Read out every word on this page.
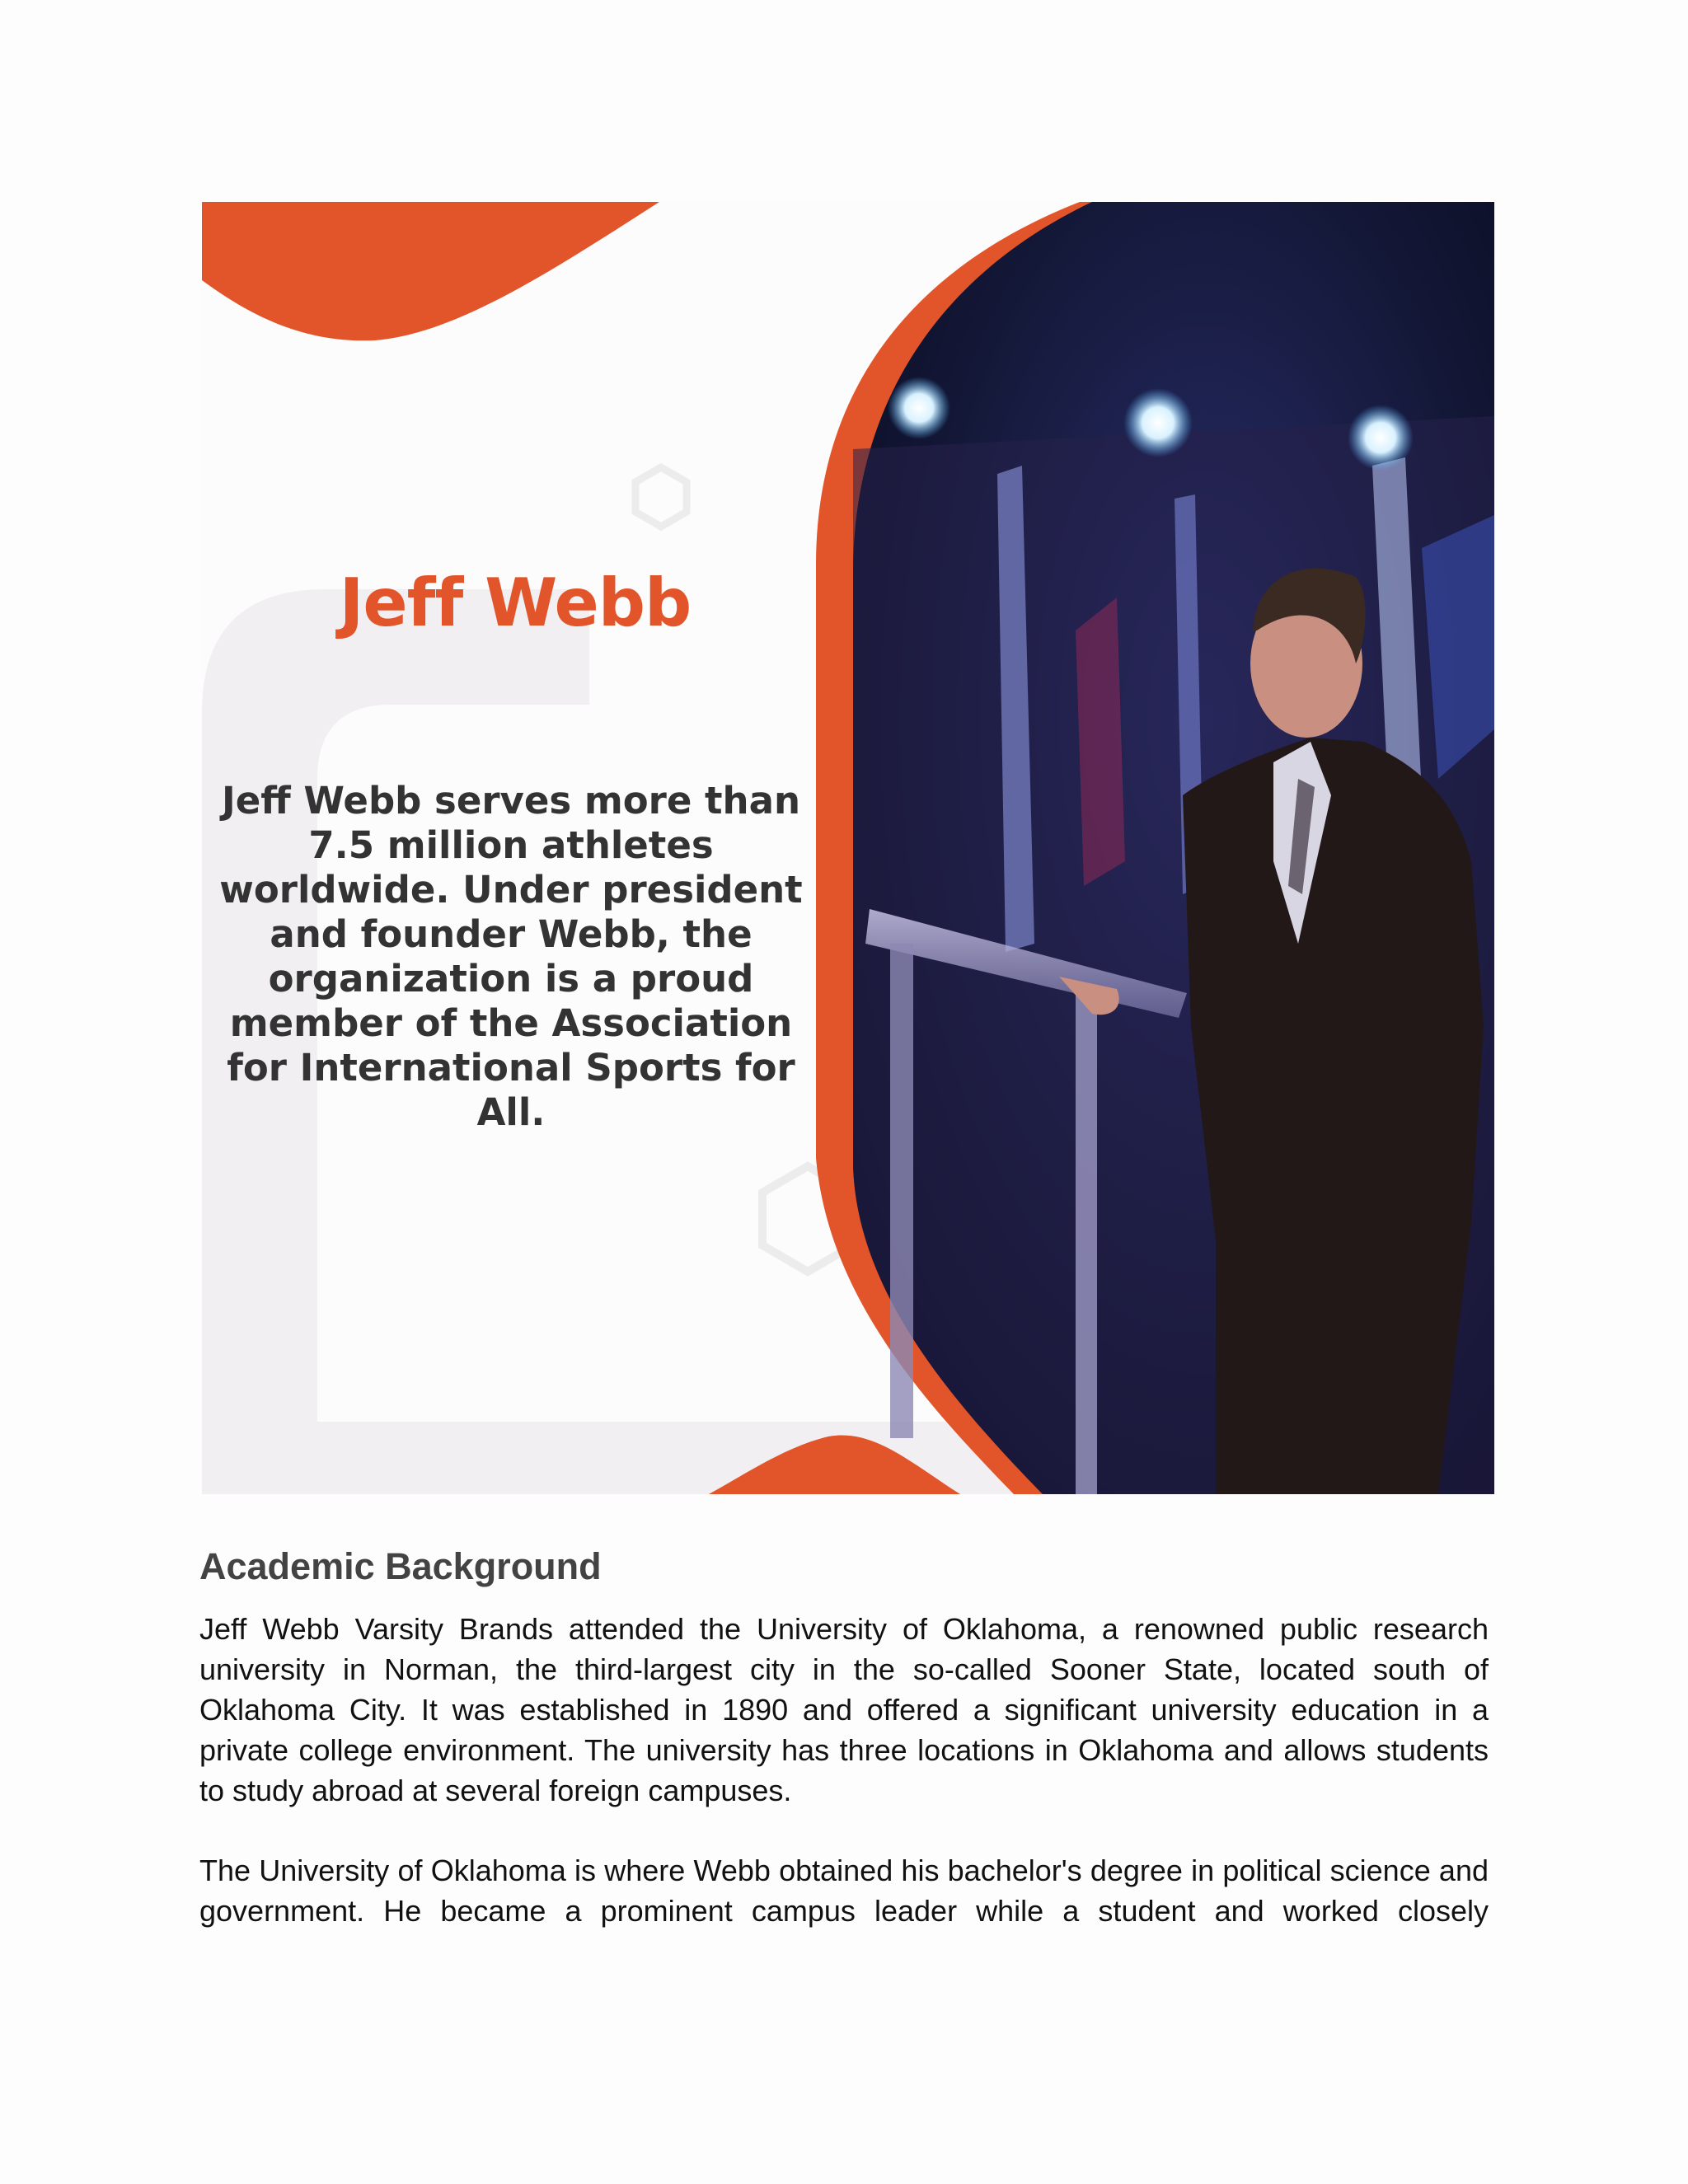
Jeff Webb

Jeff Webb serves more than 7.5 million athletes worldwide. Under president and founder Webb, the organization is a proud member of the Association for International Sports for All.

Academic Background

Jeff Webb Varsity Brands attended the University of Oklahoma, a renowned public research university in Norman, the third-largest city in the so-called Sooner State, located south of Oklahoma City. It was established in 1890 and offered a significant university education in a private college environment. The university has three locations in Oklahoma and allows students to study abroad at several foreign campuses.

The University of Oklahoma is where Webb obtained his bachelor's degree in political science and government. He became a prominent campus leader while a student and worked closely
